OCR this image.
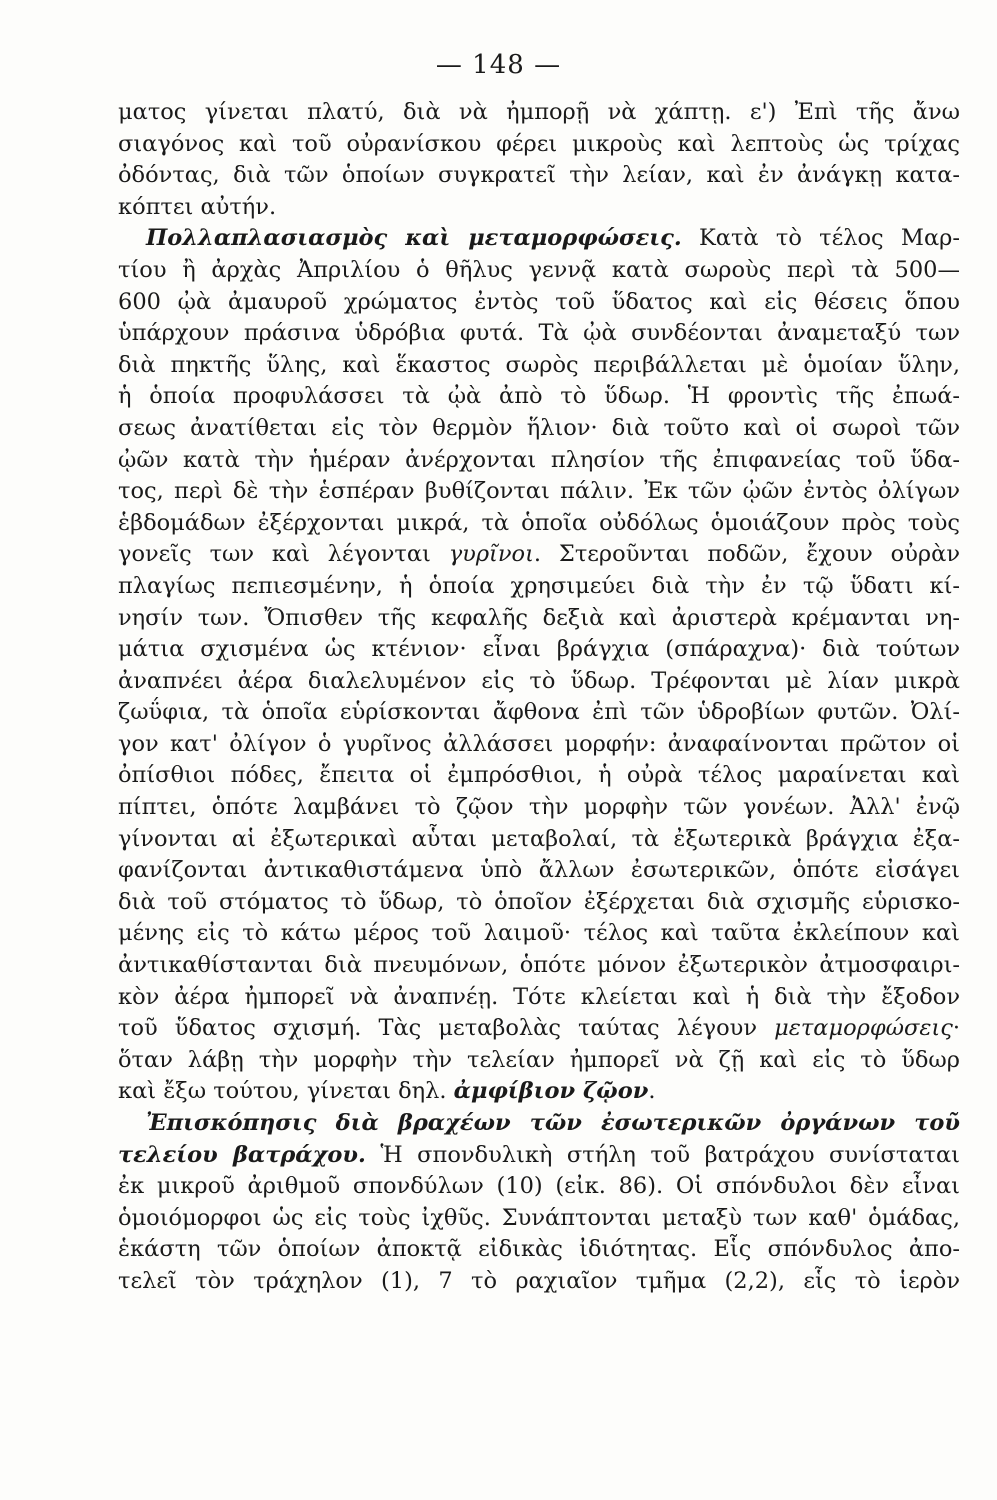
— 148 —
ματος γίνεται πλατύ, διὰ νὰ ἠμπορῇ νὰ χάπτῃ. ε') Ἐπὶ τῆς ἄνω
σιαγόνος καὶ τοῦ οὐρανίσκου φέρει μικροὺς καὶ λεπτοὺς ὡς τρίχας
ὀδόντας, διὰ τῶν ὁποίων συγκρατεῖ τὴν λείαν, καὶ ἐν ἀνάγκῃ κατα-
κόπτει αὐτήν.
Πολλαπλασιασμὸς καὶ μεταμορφώσεις. Κατὰ τὸ τέλος Μαρ-
τίου ἢ ἀρχὰς Ἀπριλίου ὁ θῆλυς γεννᾷ κατὰ σωροὺς περὶ τὰ 500—
600 ᾠὰ ἀμαυροῦ χρώματος ἐντὸς τοῦ ὕδατος καὶ εἰς θέσεις ὅπου
ὑπάρχουν πράσινα ὑδρόβια φυτά. Τὰ ᾠὰ συνδέονται ἀναμεταξύ των
διὰ πηκτῆς ὕλης, καὶ ἕκαστος σωρὸς περιβάλλεται μὲ ὁμοίαν ὕλην,
ἡ ὁποία προφυλάσσει τὰ ᾠὰ ἀπὸ τὸ ὕδωρ. Ἡ φροντὶς τῆς ἐπωά-
σεως ἀνατίθεται εἰς τὸν θερμὸν ἥλιον· διὰ τοῦτο καὶ οἱ σωροὶ τῶν
ᾠῶν κατὰ τὴν ἡμέραν ἀνέρχονται πλησίον τῆς ἐπιφανείας τοῦ ὕδα-
τος, περὶ δὲ τὴν ἑσπέραν βυθίζονται πάλιν. Ἐκ τῶν ᾠῶν ἐντὸς ὀλίγων
ἑβδομάδων ἐξέρχονται μικρά, τὰ ὁποῖα οὐδόλως ὁμοιάζουν πρὸς τοὺς
γονεῖς των καὶ λέγονται γυρῖνοι. Στεροῦνται ποδῶν, ἔχουν οὐρὰν
πλαγίως πεπιεσμένην, ἡ ὁποία χρησιμεύει διὰ τὴν ἐν τῷ ὕδατι κί-
νησίν των. Ὄπισθεν τῆς κεφαλῆς δεξιὰ καὶ ἀριστερὰ κρέμανται νη-
μάτια σχισμένα ὡς κτένιον· εἶναι βράγχια (σπάραχνα)· διὰ τούτων
ἀναπνέει ἀέρα διαλελυμένον εἰς τὸ ὕδωρ. Τρέφονται μὲ λίαν μικρὰ
ζωΰφια, τὰ ὁποῖα εὑρίσκονται ἄφθονα ἐπὶ τῶν ὑδροβίων φυτῶν. Ὀλί-
γον κατ' ὀλίγον ὁ γυρῖνος ἀλλάσσει μορφήν: ἀναφαίνονται πρῶτον οἱ
ὀπίσθιοι πόδες, ἔπειτα οἱ ἐμπρόσθιοι, ἡ οὐρὰ τέλος μαραίνεται καὶ
πίπτει, ὁπότε λαμβάνει τὸ ζῷον τὴν μορφὴν τῶν γονέων. Ἀλλ' ἐνῷ
γίνονται αἱ ἐξωτερικαὶ αὗται μεταβολαί, τὰ ἐξωτερικὰ βράγχια ἐξα-
φανίζονται ἀντικαθιστάμενα ὑπὸ ἄλλων ἐσωτερικῶν, ὁπότε εἰσάγει
διὰ τοῦ στόματος τὸ ὕδωρ, τὸ ὁποῖον ἐξέρχεται διὰ σχισμῆς εὑρισκο-
μένης εἰς τὸ κάτω μέρος τοῦ λαιμοῦ· τέλος καὶ ταῦτα ἐκλείπουν καὶ
ἀντικαθίστανται διὰ πνευμόνων, ὁπότε μόνον ἐξωτερικὸν ἀτμοσφαιρι-
κὸν ἀέρα ἠμπορεῖ νὰ ἀναπνέῃ. Τότε κλείεται καὶ ἡ διὰ τὴν ἔξοδον
τοῦ ὕδατος σχισμή. Τὰς μεταβολὰς ταύτας λέγουν μεταμορφώσεις·
ὅταν λάβῃ τὴν μορφὴν τὴν τελείαν ἠμπορεῖ νὰ ζῇ καὶ εἰς τὸ ὕδωρ
καὶ ἔξω τούτου, γίνεται δηλ. ἀμφίβιον ζῷον.
Ἐπισκόπησις διὰ βραχέων τῶν ἐσωτερικῶν ὀργάνων τοῦ
τελείου βατράχου. Ἡ σπονδυλικὴ στήλη τοῦ βατράχου συνίσταται
ἐκ μικροῦ ἀριθμοῦ σπονδύλων (10) (εἰκ. 86). Οἱ σπόνδυλοι δὲν εἶναι
ὁμοιόμορφοι ὡς εἰς τοὺς ἰχθῦς. Συνάπτονται μεταξὺ των καθ' ὁμάδας,
ἑκάστη τῶν ὁποίων ἀποκτᾷ εἰδικὰς ἰδιότητας. Εἷς σπόνδυλος ἀπο-
τελεῖ τὸν τράχηλον (1), 7 τὸ ραχιαῖον τμῆμα (2,2), εἷς τὸ ἱερὸν
